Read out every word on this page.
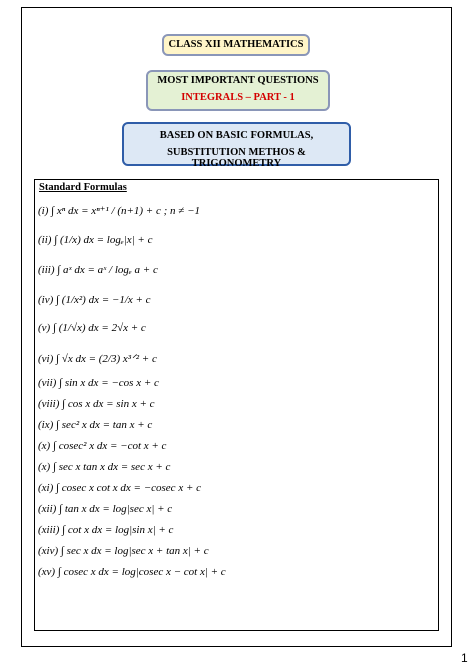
CLASS XII MATHEMATICS
MOST IMPORTANT QUESTIONS
INTEGRALS – PART - 1
BASED ON BASIC FORMULAS,
SUBSTITUTION METHOS & TRIGONOMETRY
Standard Formulas
(i) ∫ xⁿ dx = xⁿ⁺¹ / (n+1) + c ; n ≠ −1
(ii) ∫ (1/x) dx = logₑ|x| + c
(iii) ∫ aˣ dx = aˣ / logₑ a + c
(iv) ∫ (1/x²) dx = −1/x + c
(v) ∫ (1/√x) dx = 2√x + c
(vi) ∫ √x dx = (2/3) x³ᐟ² + c
(vii) ∫ sin x dx = −cos x + c
(viii) ∫ cos x dx = sin x + c
(ix) ∫ sec² x dx = tan x + c
(x) ∫ cosec² x dx = −cot x + c
(x) ∫ sec x tan x dx = sec x + c
(xi) ∫ cosec x cot x dx = −cosec x + c
(xii) ∫ tan x dx = log|sec x| + c
(xiii) ∫ cot x dx = log|sin x| + c
(xiv) ∫ sec x dx = log|sec x + tan x| + c
(xv) ∫ cosec x dx = log|cosec x − cot x| + c
1
